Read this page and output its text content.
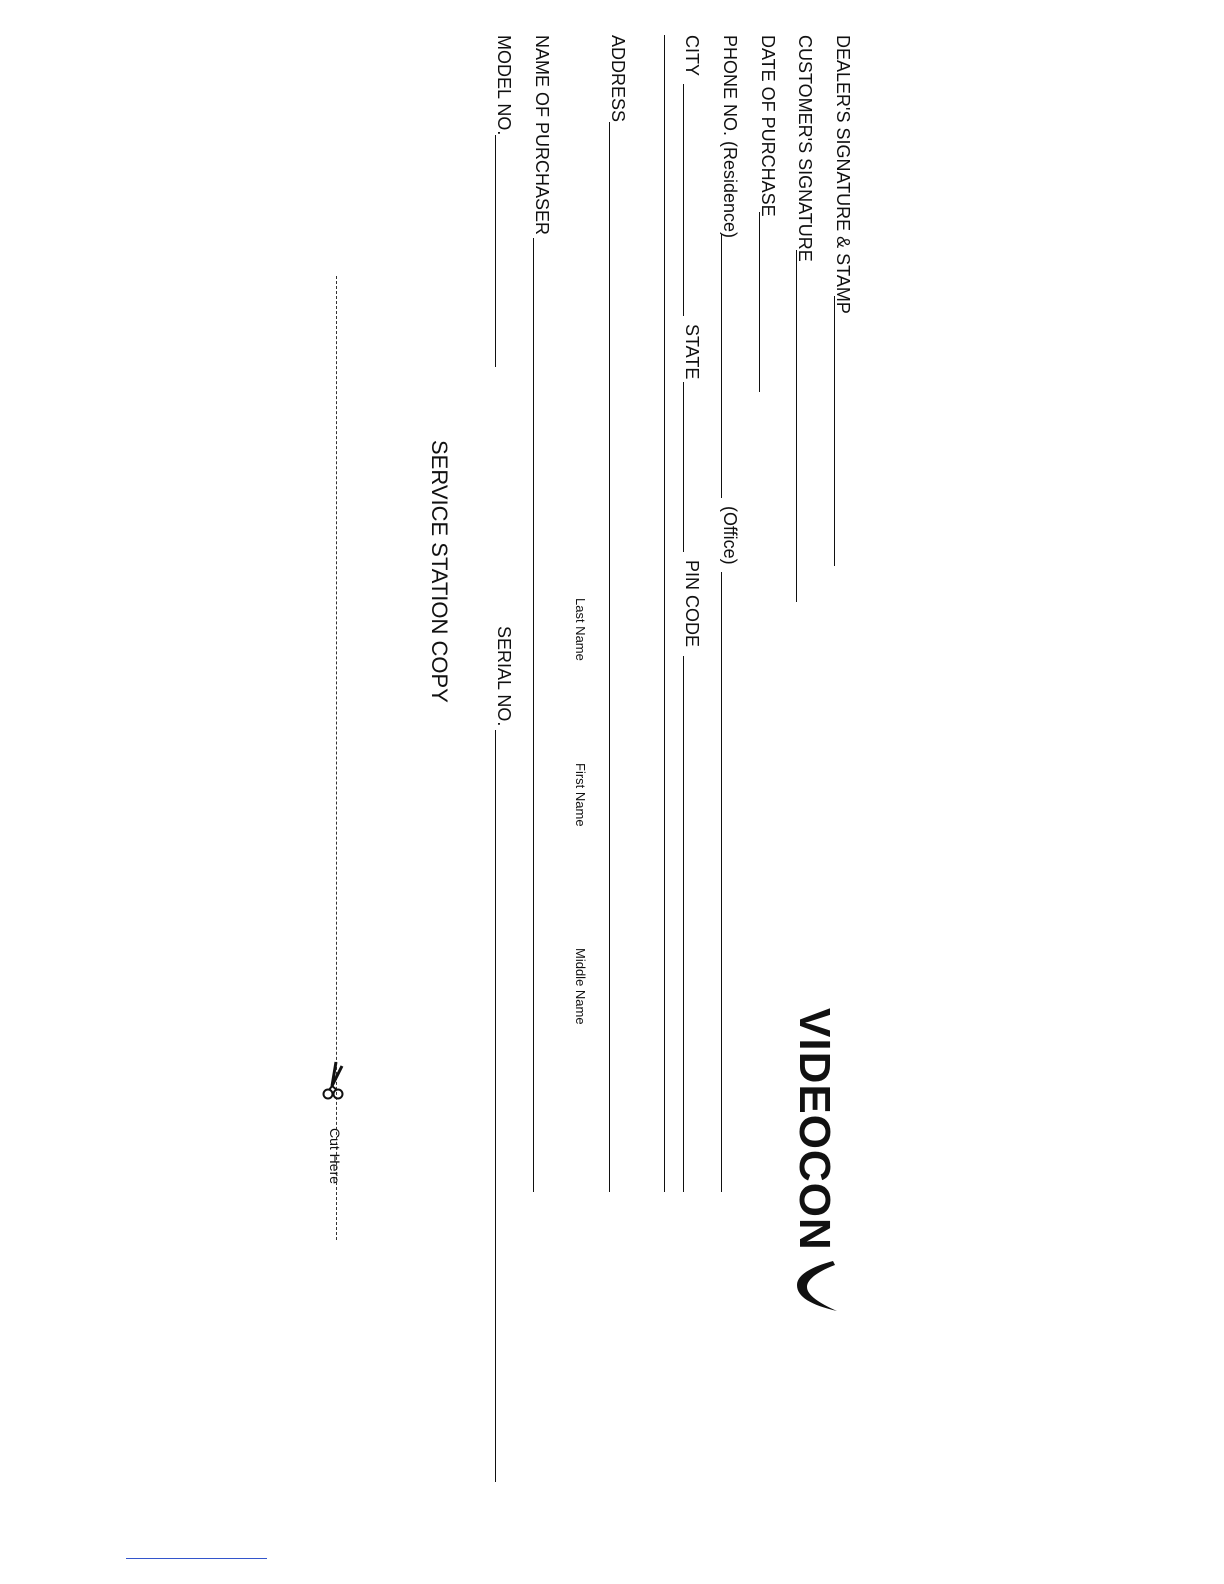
Cut Here
SERVICE STATION COPY
MODEL NO.
SERIAL NO.
NAME OF PURCHASER
Last Name
First Name
Middle Name
ADDRESS	CITY
STATE
PIN CODE
PHONE NO. (Residence)
(Office)
DATE OF PURCHASE CUSTOMER'S SIGNATURE DEALER'S SIGNATURE & STAMP
VIDEOCON
